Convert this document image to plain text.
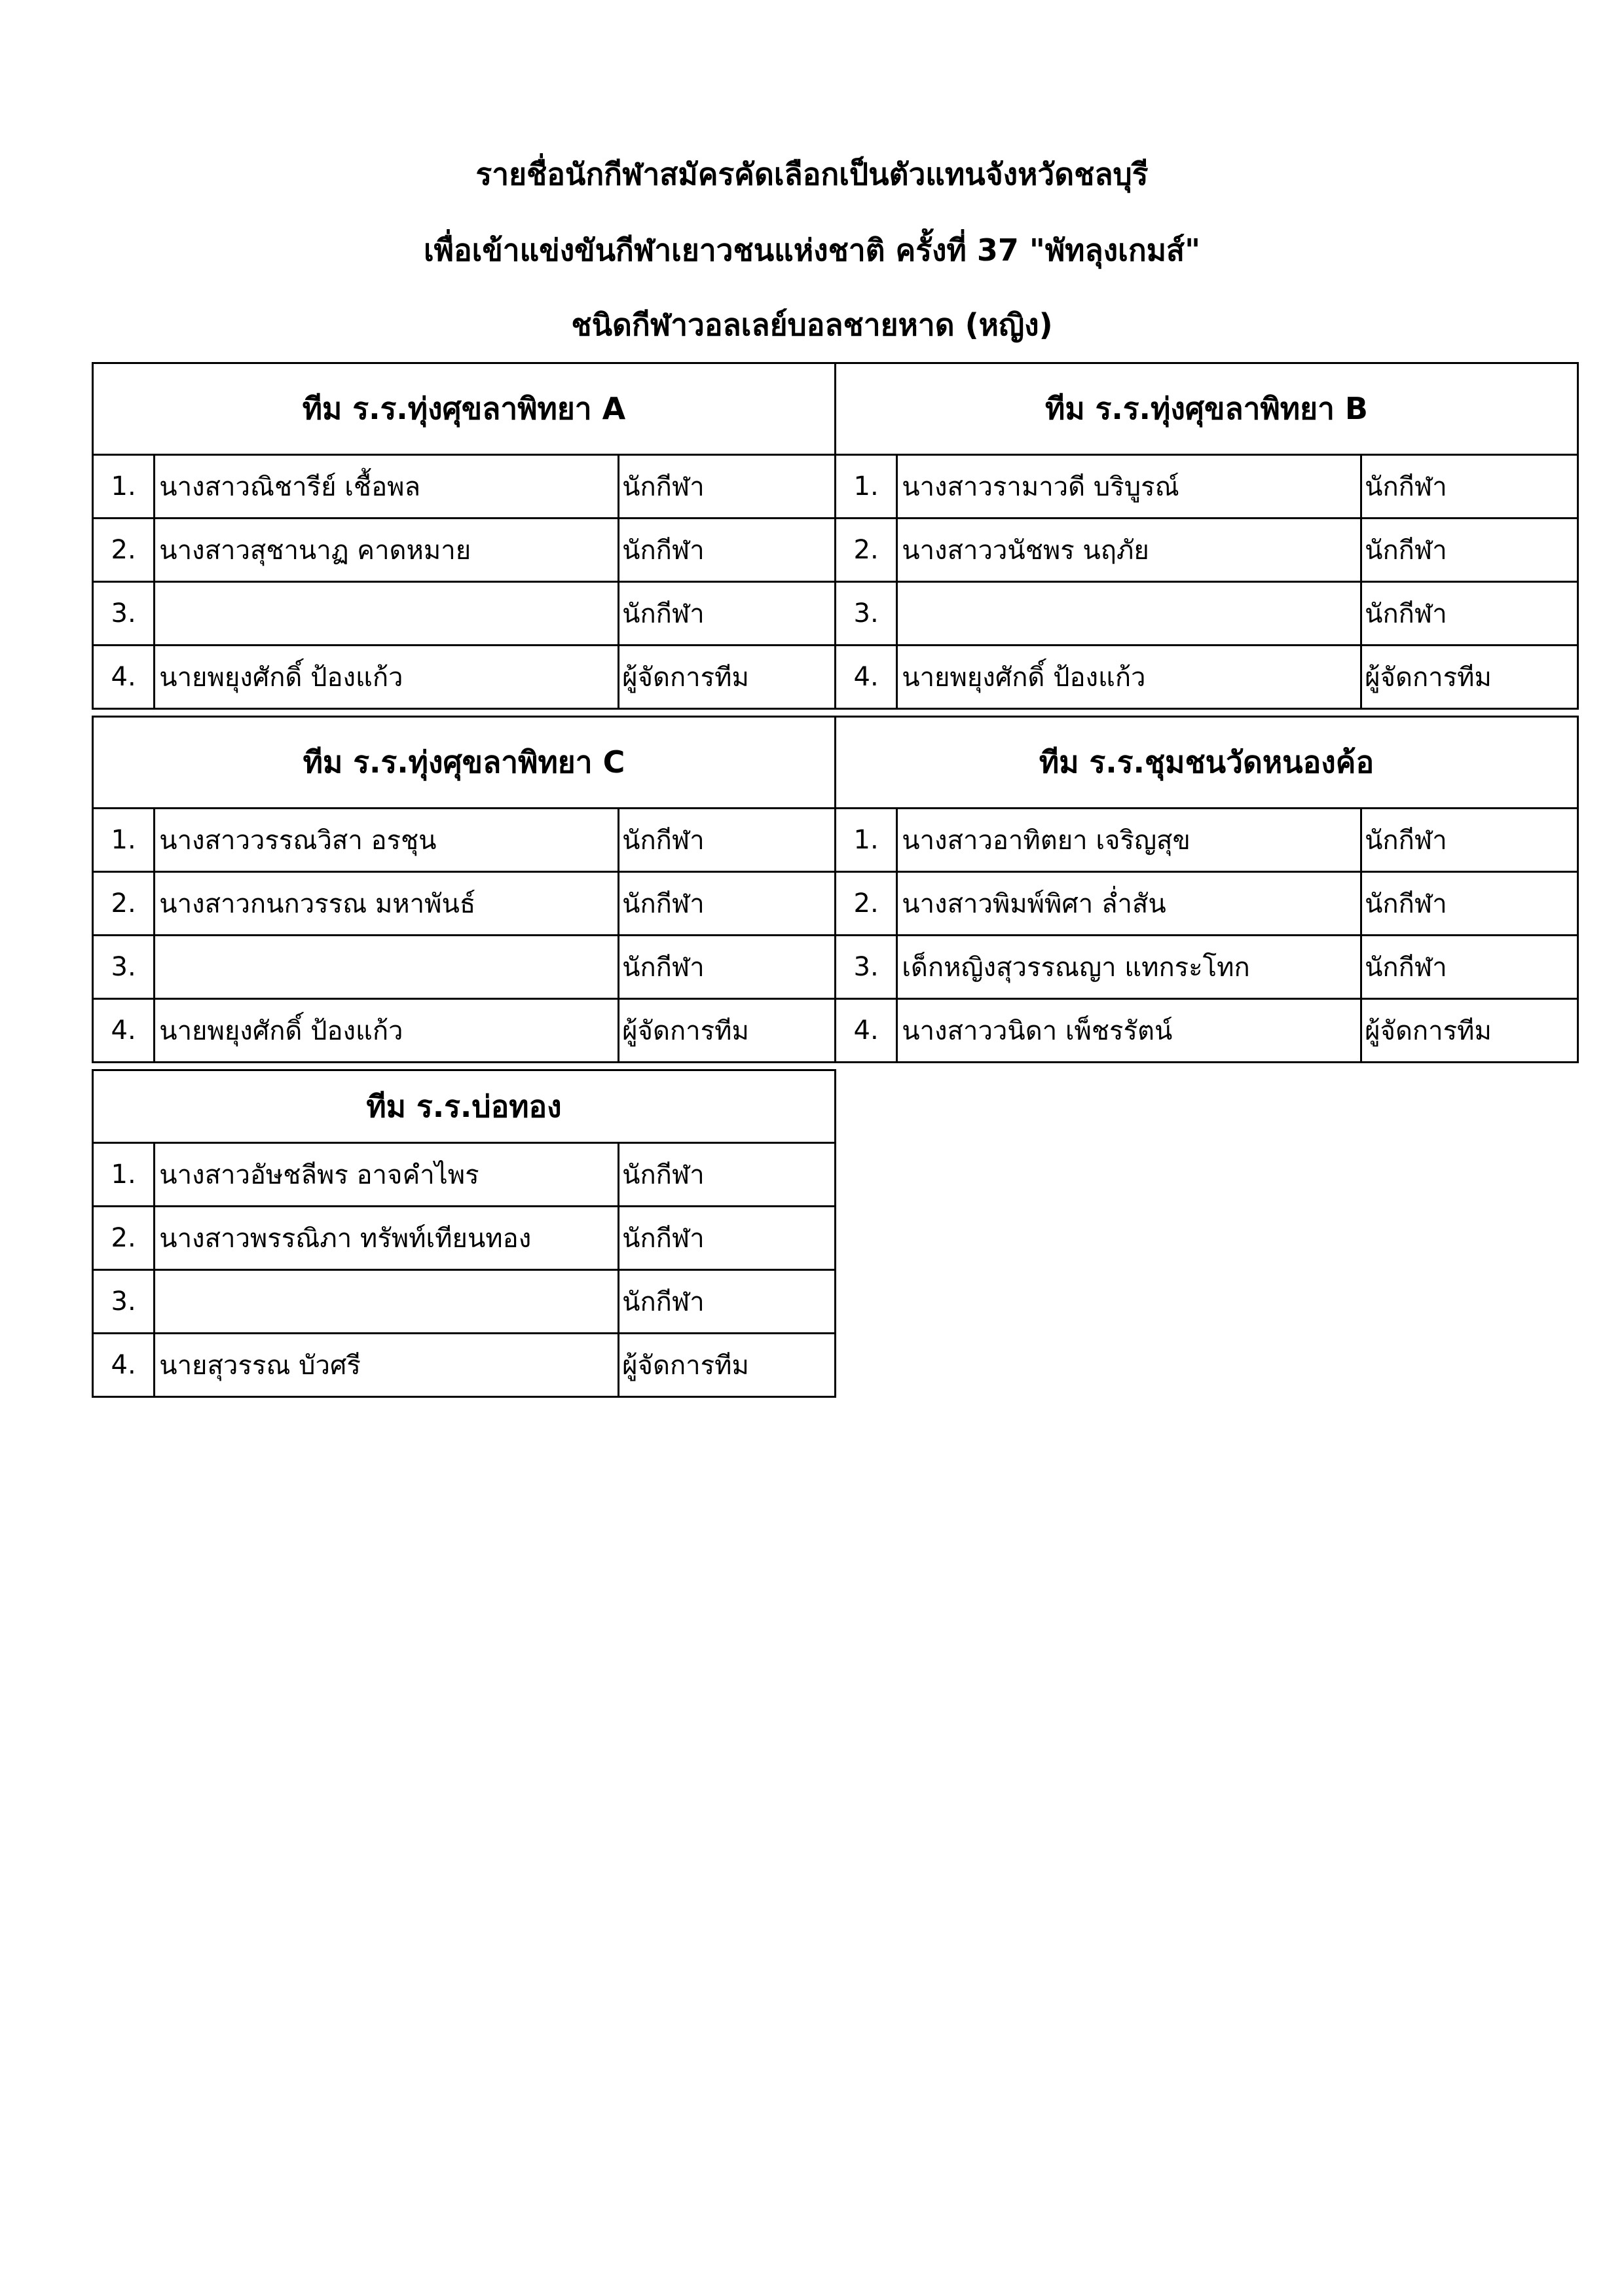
รายชื่อนักกีฬาสมัครคัดเลือกเป็นตัวแทนจังหวัดชลบุรี
เพื่อเข้าแข่งขันกีฬาเยาวชนแห่งชาติ ครั้งที่ 37 "พัทลุงเกมส์"
ชนิดกีฬาวอลเลย์บอลชายหาด (หญิง)
ทีม ร.ร.ทุ่งศุขลาพิทยา A		
1.	นางสาวณิชารีย์ เชื้อพล	นักกีฬา
2.	นางสาวสุชานาฏ คาดหมาย	นักกีฬา
3.		นักกีฬา
4.	นายพยุงศักดิ์ ป้องแก้ว	ผู้จัดการทีม
ทีม ร.ร.ทุ่งศุขลาพิทยา B		
1.	นางสาวรามาวดี บริบูรณ์	นักกีฬา
2.	นางสาววนัชพร นฤภัย	นักกีฬา
3.		นักกีฬา
4.	นายพยุงศักดิ์ ป้องแก้ว	ผู้จัดการทีม
ทีม ร.ร.ทุ่งศุขลาพิทยา C		
1.	นางสาววรรณวิสา อรชุน	นักกีฬา
2.	นางสาวกนกวรรณ มหาพันธ์	นักกีฬา
3.		นักกีฬา
4.	นายพยุงศักดิ์ ป้องแก้ว	ผู้จัดการทีม
ทีม ร.ร.ชุมชนวัดหนองค้อ		
1.	นางสาวอาทิตยา เจริญสุข	นักกีฬา
2.	นางสาวพิมพ์พิศา ล่ำสัน	นักกีฬา
3.	เด็กหญิงสุวรรณญา แทกระโทก	นักกีฬา
4.	นางสาววนิดา เพ็ชรรัตน์	ผู้จัดการทีม
ทีม ร.ร.บ่อทอง		
1.	นางสาวอัษชลีพร อาจคำไพร	นักกีฬา
2.	นางสาวพรรณิภา ทรัพท์เทียนทอง	นักกีฬา
3.		นักกีฬา
4.	นายสุวรรณ บัวศรี	ผู้จัดการทีม
